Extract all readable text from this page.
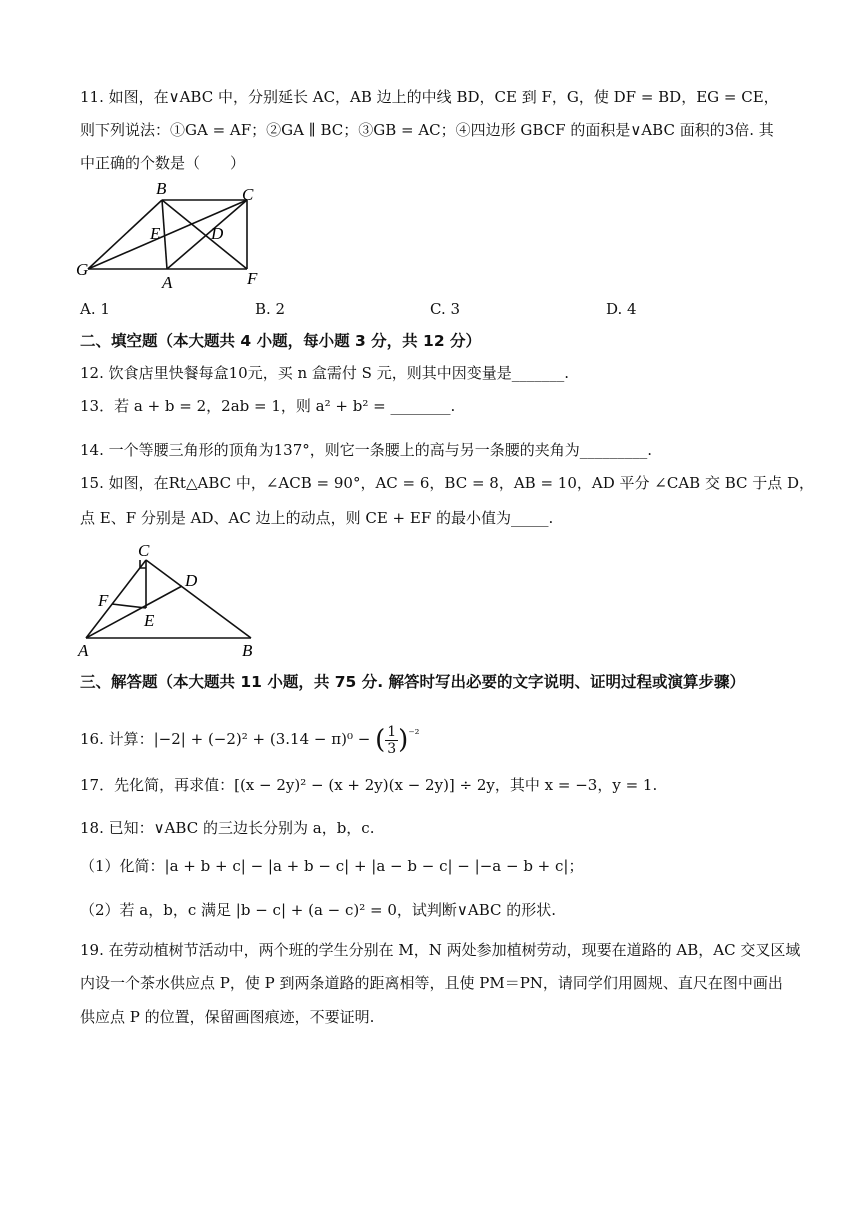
11. 如图，在∨ABC 中，分别延长 AC，AB 边上的中线 BD，CE 到 F，G，使 DF = BD，EG = CE，
则下列说法：①GA = AF；②GA ∥ BC；③GB = AC；④四边形 GBCF 的面积是∨ABC 面积的3倍. 其
中正确的个数是（　　）
B	C
E	D
G
A	F
A. 1	B. 2	C. 3	D. 4
二、填空题（本大题共 4 小题，每小题 3 分，共 12 分）
12. 饮食店里快餐每盒10元，买 n 盒需付 S 元，则其中因变量是_______.
13．若 a + b = 2，2ab = 1，则 a² + b² = ________.
14. 一个等腰三角形的顶角为137°，则它一条腰上的高与另一条腰的夹角为_________.
15. 如图，在Rt△ABC 中，∠ACB = 90°，AC = 6，BC = 8，AB = 10，AD 平分 ∠CAB 交 BC 于点 D，
点 E、F 分别是 AD、AC 边上的动点，则 CE + EF 的最小值为_____.
C
D
F
E
A	B
三、解答题（本大题共 11 小题，共 75 分. 解答时写出必要的文字说明、证明过程或演算步骤）
16. 计算：|−2| + (−2)² + (3.14 − π)⁰ − ( $\frac{1}{3} )^{^{-2}}$
17．先化简，再求值：[(x − 2y)² − (x + 2y)(x − 2y)] ÷ 2y，其中 x = −3，y = 1.
18. 已知：∨ABC 的三边长分别为 a，b，c.
（1）化简：|a + b + c| − |a + b − c| + |a − b − c| − |−a − b + c|；
（2）若 a，b，c 满足 |b − c| + (a − c)² = 0，试判断∨ABC 的形状.
19. 在劳动植树节活动中，两个班的学生分别在 M，N 两处参加植树劳动，现要在道路的 AB，AC 交叉区域
内设一个茶水供应点 P，使 P 到两条道路的距离相等，且使 PM＝PN，请同学们用圆规、直尺在图中画出
供应点 P 的位置，保留画图痕迹，不要证明.
